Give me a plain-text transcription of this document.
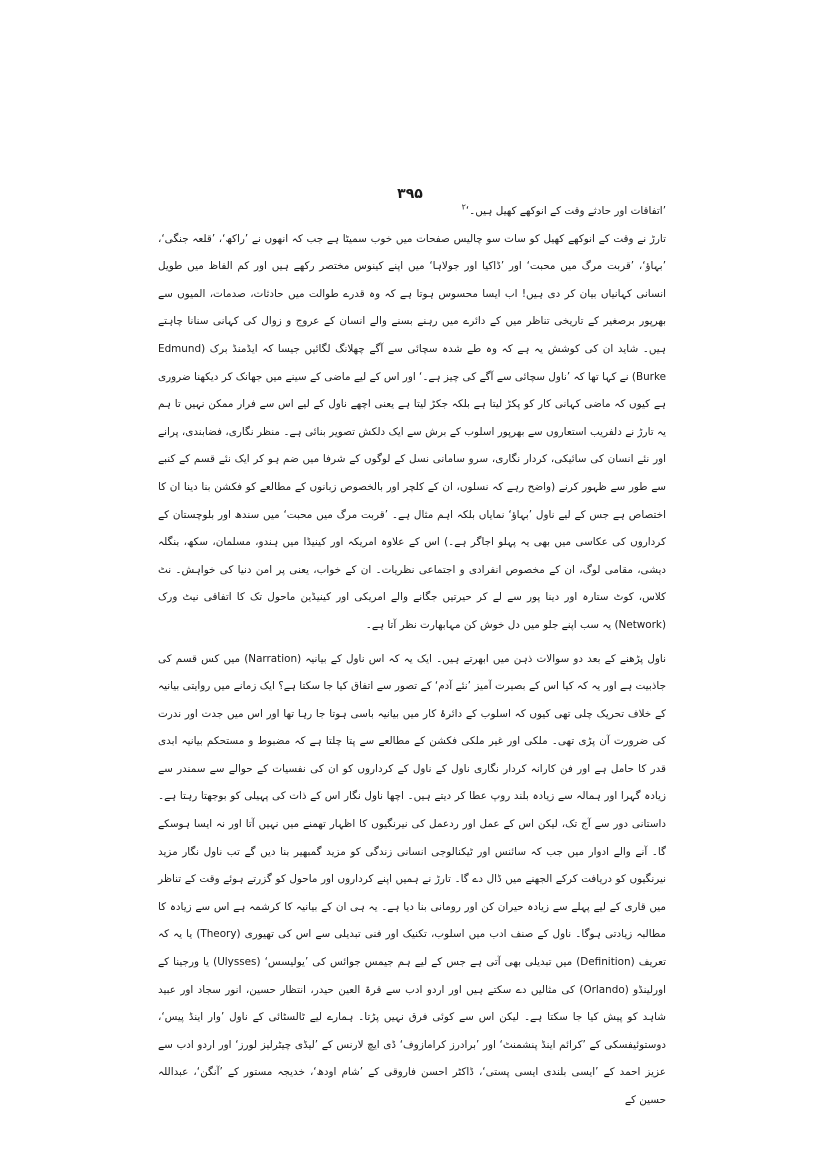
۳۹۵

’اتفاقات اور حادثے وقت کے انوکھے کھیل ہیں۔‘$^۲$

تارڑ نے وقت کے انوکھے کھیل کو سات سو چالیس صفحات میں خوب سمیٹا ہے جب کہ انھوں نے ’راکھ‘، ’قلعہ جنگی‘، ’بہاؤ‘، ’قربت مرگ میں محبت‘ اور ’ڈاکیا اور جولاہا‘ میں اپنے کینوس مختصر رکھے ہیں اور کم الفاظ میں طویل انسانی کہانیاں بیان کر دی ہیں! اب ایسا محسوس ہوتا ہے کہ وہ قدرے طوالت میں حادثات، صدمات، المیوں سے بھرپور برصغیر کے تاریخی تناظر میں کے دائرے میں رہنے بسنے والے انسان کے عروج و زوال کی کہانی سنانا چاہتے ہیں۔ شاید ان کی کوشش یہ ہے کہ وہ طے شدہ سچائی سے آگے چھلانگ لگائیں جیسا کہ ایڈمنڈ برک (Edmund Burke) نے کہا تھا کہ ’ناول سچائی سے آگے کی چیز ہے۔‘ اور اس کے لیے ماضی کے سینے میں جھانک کر دیکھنا ضروری ہے کیوں کہ ماضی کہانی کار کو پکڑ لیتا ہے بلکہ جکڑ لیتا ہے یعنی اچھے ناول کے لیے اس سے فرار ممکن نہیں تا ہم یہ تارڑ نے دلفریب استعاروں سے بھرپور اسلوب کے برش سے ایک دلکش تصویر بنائی ہے۔ منظر نگاری، فضابندی، پرانے اور نئے انسان کی سائیکی، کردار نگاری، سرو سامانی نسل کے لوگوں کے شرفا میں ضم ہو کر ایک نئے قسم کے کنبے سے طور سے ظہور کرنے (واضح رہے کہ نسلوں، ان کے کلچر اور بالخصوص زبانوں کے مطالعے کو فکشن بنا دینا ان کا اختصاص ہے جس کے لیے ناول ’بہاؤ‘ نمایاں بلکہ اہم مثال ہے۔ ’قربت مرگ میں محبت‘ میں سندھ اور بلوچستان کے کرداروں کی عکاسی میں بھی یہ پہلو اجاگر ہے۔) اس کے علاوہ امریکہ اور کینیڈا میں ہندو، مسلمان، سکھ، بنگلہ دیشی، مقامی لوگ، ان کے مخصوص انفرادی و اجتماعی نظریات۔ ان کے خواب، یعنی پر امن دنیا کی خواہش۔ نٹ کلاس، کوٹ ستارہ اور دینا پور سے لے کر حیرتیں جگانے والے امریکی اور کینیڈین ماحول تک کا اتفاقی نیٹ ورک (Network) یہ سب اپنے جلو میں دل خوش کن مہابھارت نظر آتا ہے۔

ناول پڑھنے کے بعد دو سوالات ذہن میں ابھرتے ہیں۔ ایک یہ کہ اس ناول کے بیانیہ (Narration) میں کس قسم کی جاذبیت ہے اور یہ کہ کیا اس کے بصیرت آمیز ’نئے آدم‘ کے تصور سے اتفاق کیا جا سکتا ہے؟ ایک زمانے میں روایتی بیانیہ کے خلاف تحریک چلی تھی کیوں کہ اسلوب کے دائرۂ کار میں بیانیہ باسی ہوتا جا رہا تھا اور اس میں جدت اور ندرت کی ضرورت آن پڑی تھی۔ ملکی اور غیر ملکی فکشن کے مطالعے سے پتا چلتا ہے کہ مضبوط و مستحکم بیانیہ ابدی قدر کا حامل ہے اور فن کارانہ کردار نگاری ناول کے ناول کے کرداروں کو ان کی نفسیات کے حوالے سے سمندر سے زیادہ گہرا اور ہمالہ سے زیادہ بلند روپ عطا کر دیتے ہیں۔ اچھا ناول نگار اس کے ذات کی پہیلی کو بوجھتا رہتا ہے۔ داستانی دور سے آج تک، لیکن اس کے عمل اور ردعمل کی نیرنگیوں کا اظہار تھمنے میں نہیں آتا اور نہ ایسا ہوسکے گا۔ آنے والے ادوار میں جب کہ سائنس اور ٹیکنالوجی انسانی زندگی کو مزید گمبھیر بنا دیں گے تب ناول نگار مزید نیرنگیوں کو دریافت کرکے الجھنے میں ڈال دے گا۔ تارڑ نے ہمیں اپنے کرداروں اور ماحول کو گزرتے ہوئے وقت کے تناظر میں قاری کے لیے پہلے سے زیادہ حیران کن اور رومانی بنا دیا ہے۔ یہ ہی ان کے بیانیہ کا کرشمہ ہے اس سے زیادہ کا مطالبہ زیادتی ہوگا۔ ناول کے صنف ادب میں اسلوب، تکنیک اور فنی تبدیلی سے اس کی تھیوری (Theory) یا یہ کہ تعریف (Definition) میں تبدیلی بھی آتی ہے جس کے لیے ہم جیمس جوائس کی ’یولیسس‘ (Ulysses) یا ورجینا کے اورلینڈو (Orlando) کی مثالیں دے سکتے ہیں اور اردو ادب سے قرۃ العین حیدر، انتظار حسین، انور سجاد اور عبید شاہد کو پیش کیا جا سکتا ہے۔ لیکن اس سے کوئی فرق نہیں پڑتا۔ ہمارے لیے ٹالسٹائی کے ناول ’وار اینڈ پیس‘، دوستوئیفسکی کے ’کرائم اینڈ پنشمنٹ‘ اور ’برادرز کرامازوف‘ ڈی ایچ لارنس کے ’لیڈی چیٹرلیز لورز‘ اور اردو ادب سے عزیز احمد کے ’ایسی بلندی ایسی پستی‘، ڈاکٹر احسن فاروقی کے ’شام اودھ‘، خدیجہ مستور کے ’آنگن‘، عبداللہ حسین کے
